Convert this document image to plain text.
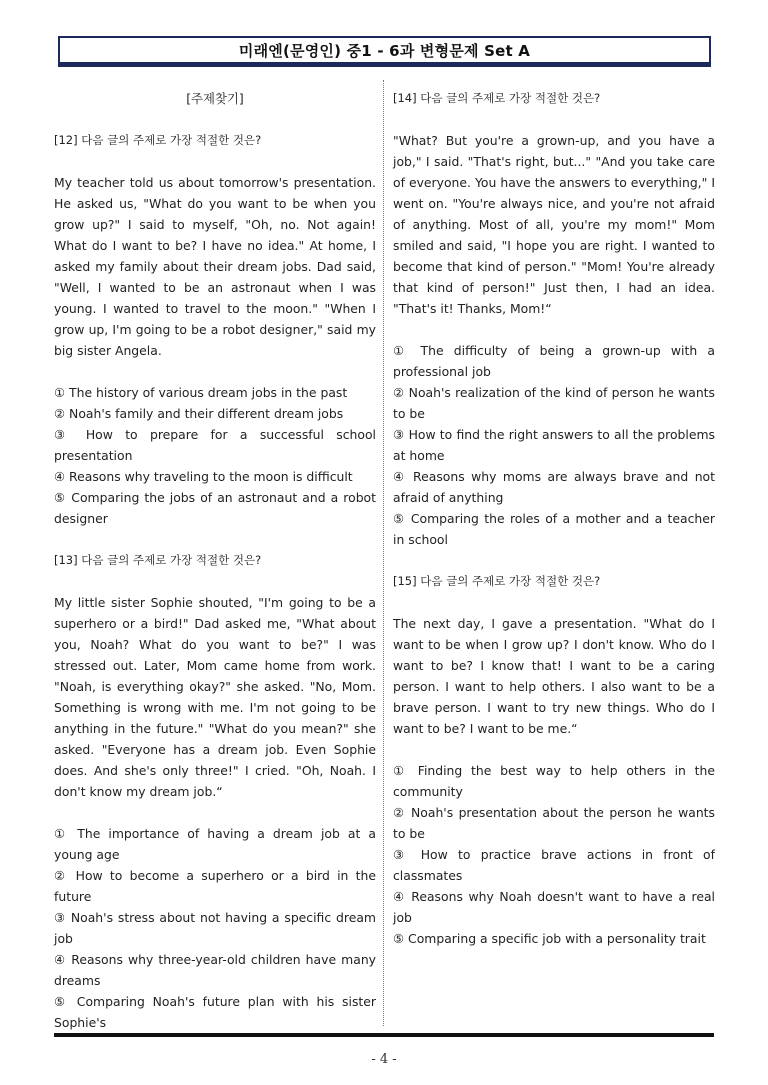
미래엔(문영인) 중1 - 6과 변형문제 Set A

[주제찾기]

[12] 다음 글의 주제로 가장 적절한 것은?

My teacher told us about tomorrow's presentation. He asked us, "What do you want to be when you grow up?" I said to myself, "Oh, no. Not again! What do I want to be? I have no idea." At home, I asked my family about their dream jobs. Dad said, "Well, I wanted to be an astronaut when I was young. I wanted to travel to the moon." "When I grow up, I'm going to be a robot designer," said my big sister Angela.

① The history of various dream jobs in the past

② Noah's family and their different dream jobs

③ How to prepare for a successful school presentation

④ Reasons why traveling to the moon is difficult

⑤ Comparing the jobs of an astronaut and a robot designer

[13] 다음 글의 주제로 가장 적절한 것은?

My little sister Sophie shouted, "I'm going to be a superhero or a bird!" Dad asked me, "What about you, Noah? What do you want to be?" I was stressed out. Later, Mom came home from work. "Noah, is everything okay?" she asked. "No, Mom. Something is wrong with me. I'm not going to be anything in the future." "What do you mean?" she asked. "Everyone has a dream job. Even Sophie does. And she's only three!" I cried. "Oh, Noah. I don't know my dream job.“

① The importance of having a dream job at a young age

② How to become a superhero or a bird in the future

③ Noah's stress about not having a specific dream job

④ Reasons why three-year-old children have many dreams

⑤ Comparing Noah's future plan with his sister Sophie's

[14] 다음 글의 주제로 가장 적절한 것은?

"What? But you're a grown-up, and you have a job," I said. "That's right, but..." "And you take care of everyone. You have the answers to everything," I went on. "You're always nice, and you're not afraid of anything. Most of all, you're my mom!" Mom smiled and said, "I hope you are right. I wanted to become that kind of person." "Mom! You're already that kind of person!" Just then, I had an idea. "That's it! Thanks, Mom!“

① The difficulty of being a grown-up with a professional job

② Noah's realization of the kind of person he wants to be

③ How to find the right answers to all the problems at home

④ Reasons why moms are always brave and not afraid of anything

⑤ Comparing the roles of a mother and a teacher in school

[15] 다음 글의 주제로 가장 적절한 것은?

The next day, I gave a presentation. "What do I want to be when I grow up? I don't know. Who do I want to be? I know that! I want to be a caring person. I want to help others. I also want to be a brave person. I want to try new things. Who do I want to be? I want to be me.“

① Finding the best way to help others in the community

② Noah's presentation about the person he wants to be

③ How to practice brave actions in front of classmates

④ Reasons why Noah doesn't want to have a real job

⑤ Comparing a specific job with a personality trait

- 4 -
